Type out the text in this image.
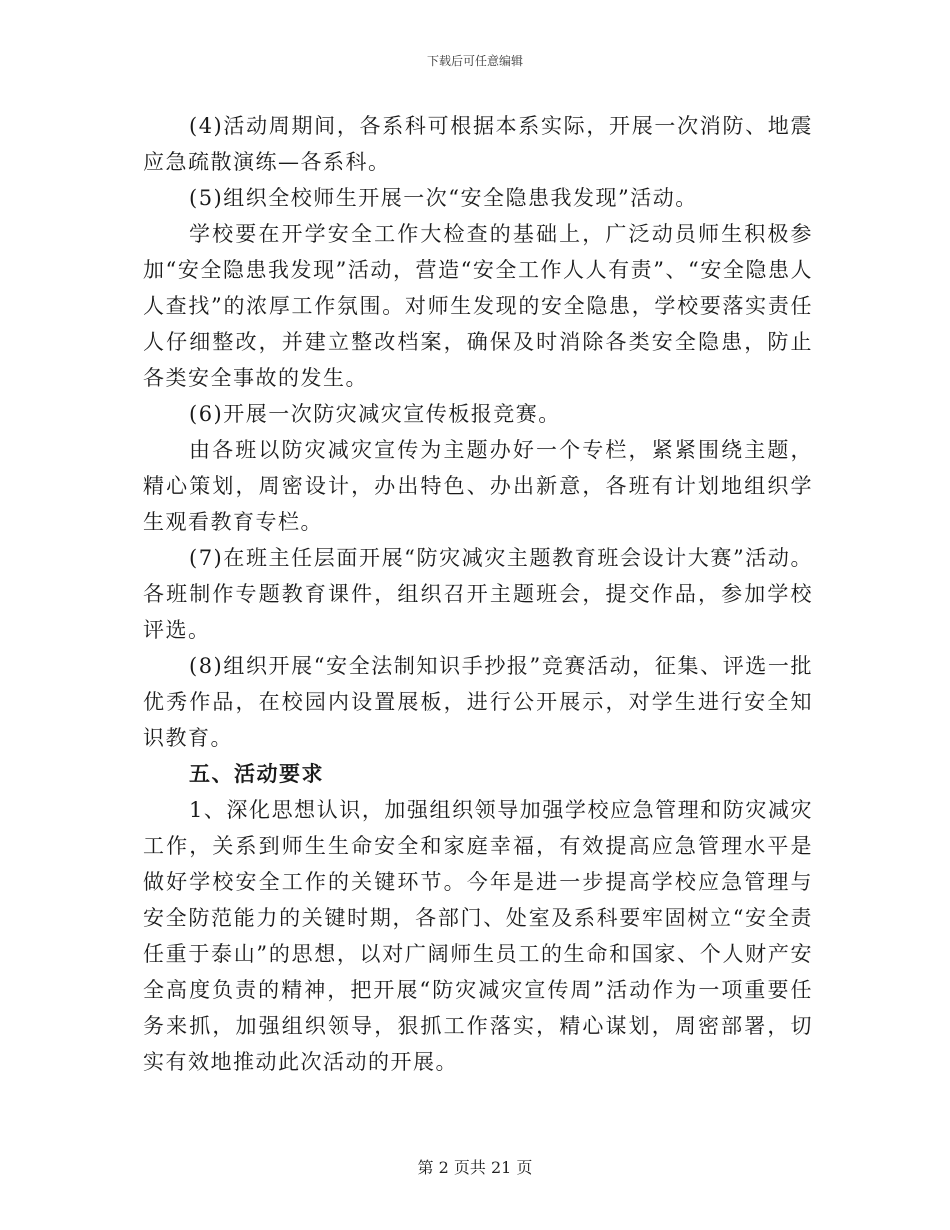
下载后可任意编辑

(4)活动周期间，各系科可根据本系实际，开展一次消防、地震应急疏散演练—各系科。

(5)组织全校师生开展一次“安全隐患我发现”活动。

学校要在开学安全工作大检查的基础上，广泛动员师生积极参加“安全隐患我发现”活动，营造“安全工作人人有责”、“安全隐患人人查找”的浓厚工作氛围。对师生发现的安全隐患，学校要落实责任人仔细整改，并建立整改档案，确保及时消除各类安全隐患，防止各类安全事故的发生。

(6)开展一次防灾减灾宣传板报竞赛。

由各班以防灾减灾宣传为主题办好一个专栏，紧紧围绕主题，精心策划，周密设计，办出特色、办出新意，各班有计划地组织学生观看教育专栏。

(7)在班主任层面开展“防灾减灾主题教育班会设计大赛”活动。各班制作专题教育课件，组织召开主题班会，提交作品，参加学校评选。

(8)组织开展“安全法制知识手抄报”竞赛活动，征集、评选一批优秀作品，在校园内设置展板，进行公开展示，对学生进行安全知识教育。

五、活动要求

1、深化思想认识，加强组织领导加强学校应急管理和防灾减灾工作，关系到师生生命安全和家庭幸福，有效提高应急管理水平是做好学校安全工作的关键环节。今年是进一步提高学校应急管理与安全防范能力的关键时期，各部门、处室及系科要牢固树立“安全责任重于泰山”的思想，以对广阔师生员工的生命和国家、个人财产安全高度负责的精神，把开展“防灾减灾宣传周”活动作为一项重要任务来抓，加强组织领导，狠抓工作落实，精心谋划，周密部署，切实有效地推动此次活动的开展。

第 2 页共 21 页
